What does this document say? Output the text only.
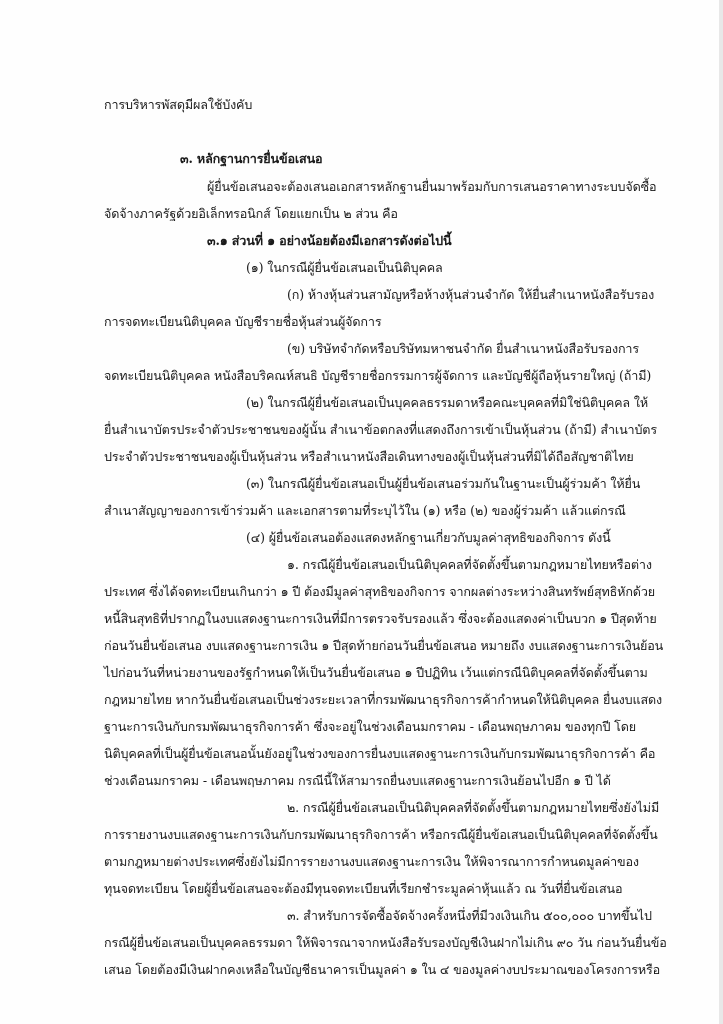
การบริหารพัสดุมีผลใช้บังคับ
๓. หลักฐานการยื่นข้อเสนอ
ผู้ยื่นข้อเสนอจะต้องเสนอเอกสารหลักฐานยื่นมาพร้อมกับการเสนอราคาทางระบบจัดซื้อ
จัดจ้างภาครัฐด้วยอิเล็กทรอนิกส์ โดยแยกเป็น ๒ ส่วน คือ
๓.๑ ส่วนที่ ๑ อย่างน้อยต้องมีเอกสารดังต่อไปนี้
(๑) ในกรณีผู้ยื่นข้อเสนอเป็นนิติบุคคล
(ก) ห้างหุ้นส่วนสามัญหรือห้างหุ้นส่วนจำกัด ให้ยื่นสำเนาหนังสือรับรอง
การจดทะเบียนนิติบุคคล บัญชีรายชื่อหุ้นส่วนผู้จัดการ
(ข) บริษัทจำกัดหรือบริษัทมหาชนจำกัด ยื่นสำเนาหนังสือรับรองการ
จดทะเบียนนิติบุคคล หนังสือบริคณห์สนธิ บัญชีรายชื่อกรรมการผู้จัดการ และบัญชีผู้ถือหุ้นรายใหญ่ (ถ้ามี)
(๒) ในกรณีผู้ยื่นข้อเสนอเป็นบุคคลธรรมดาหรือคณะบุคคลที่มิใช่นิติบุคคล ให้
ยื่นสำเนาบัตรประจำตัวประชาชนของผู้นั้น สำเนาข้อตกลงที่แสดงถึงการเข้าเป็นหุ้นส่วน (ถ้ามี) สำเนาบัตร
ประจำตัวประชาชนของผู้เป็นหุ้นส่วน หรือสำเนาหนังสือเดินทางของผู้เป็นหุ้นส่วนที่มิได้ถือสัญชาติไทย
(๓) ในกรณีผู้ยื่นข้อเสนอเป็นผู้ยื่นข้อเสนอร่วมกันในฐานะเป็นผู้ร่วมค้า ให้ยื่น
สำเนาสัญญาของการเข้าร่วมค้า และเอกสารตามที่ระบุไว้ใน (๑) หรือ (๒) ของผู้ร่วมค้า แล้วแต่กรณี
(๔) ผู้ยื่นข้อเสนอต้องแสดงหลักฐานเกี่ยวกับมูลค่าสุทธิของกิจการ ดังนี้
๑. กรณีผู้ยื่นข้อเสนอเป็นนิติบุคคลที่จัดตั้งขึ้นตามกฎหมายไทยหรือต่าง
ประเทศ ซึ่งได้จดทะเบียนเกินกว่า ๑ ปี ต้องมีมูลค่าสุทธิของกิจการ จากผลต่างระหว่างสินทรัพย์สุทธิหักด้วย
หนี้สินสุทธิที่ปรากฏในงบแสดงฐานะการเงินที่มีการตรวจรับรองแล้ว ซึ่งจะต้องแสดงค่าเป็นบวก ๑ ปีสุดท้าย
ก่อนวันยื่นข้อเสนอ งบแสดงฐานะการเงิน ๑ ปีสุดท้ายก่อนวันยื่นข้อเสนอ หมายถึง งบแสดงฐานะการเงินย้อน
ไปก่อนวันที่หน่วยงานของรัฐกำหนดให้เป็นวันยื่นข้อเสนอ ๑ ปีปฏิทิน เว้นแต่กรณีนิติบุคคลที่จัดตั้งขึ้นตาม
กฎหมายไทย หากวันยื่นข้อเสนอเป็นช่วงระยะเวลาที่กรมพัฒนาธุรกิจการค้ากำหนดให้นิติบุคคล ยื่นงบแสดง
ฐานะการเงินกับกรมพัฒนาธุรกิจการค้า ซึ่งจะอยู่ในช่วงเดือนมกราคม - เดือนพฤษภาคม ของทุกปี โดย
นิติบุคคลที่เป็นผู้ยื่นข้อเสนอนั้นยังอยู่ในช่วงของการยื่นงบแสดงฐานะการเงินกับกรมพัฒนาธุรกิจการค้า คือ
ช่วงเดือนมกราคม - เดือนพฤษภาคม กรณีนี้ให้สามารถยื่นงบแสดงฐานะการเงินย้อนไปอีก ๑ ปี ได้
๒. กรณีผู้ยื่นข้อเสนอเป็นนิติบุคคลที่จัดตั้งขึ้นตามกฎหมายไทยซึ่งยังไม่มี
การรายงานงบแสดงฐานะการเงินกับกรมพัฒนาธุรกิจการค้า หรือกรณีผู้ยื่นข้อเสนอเป็นนิติบุคคลที่จัดตั้งขึ้น
ตามกฎหมายต่างประเทศซึ่งยังไม่มีการรายงานงบแสดงฐานะการเงิน ให้พิจารณาการกำหนดมูลค่าของ
ทุนจดทะเบียน โดยผู้ยื่นข้อเสนอจะต้องมีทุนจดทะเบียนที่เรียกชำระมูลค่าหุ้นแล้ว ณ วันที่ยื่นข้อเสนอ
๓. สำหรับการจัดซื้อจัดจ้างครั้งหนึ่งที่มีวงเงินเกิน ๕๐๐,๐๐๐ บาทขึ้นไป
กรณีผู้ยื่นข้อเสนอเป็นบุคคลธรรมดา ให้พิจารณาจากหนังสือรับรองบัญชีเงินฝากไม่เกิน ๙๐ วัน ก่อนวันยื่นข้อ
เสนอ โดยต้องมีเงินฝากคงเหลือในบัญชีธนาคารเป็นมูลค่า ๑ ใน ๔ ของมูลค่างบประมาณของโครงการหรือ
